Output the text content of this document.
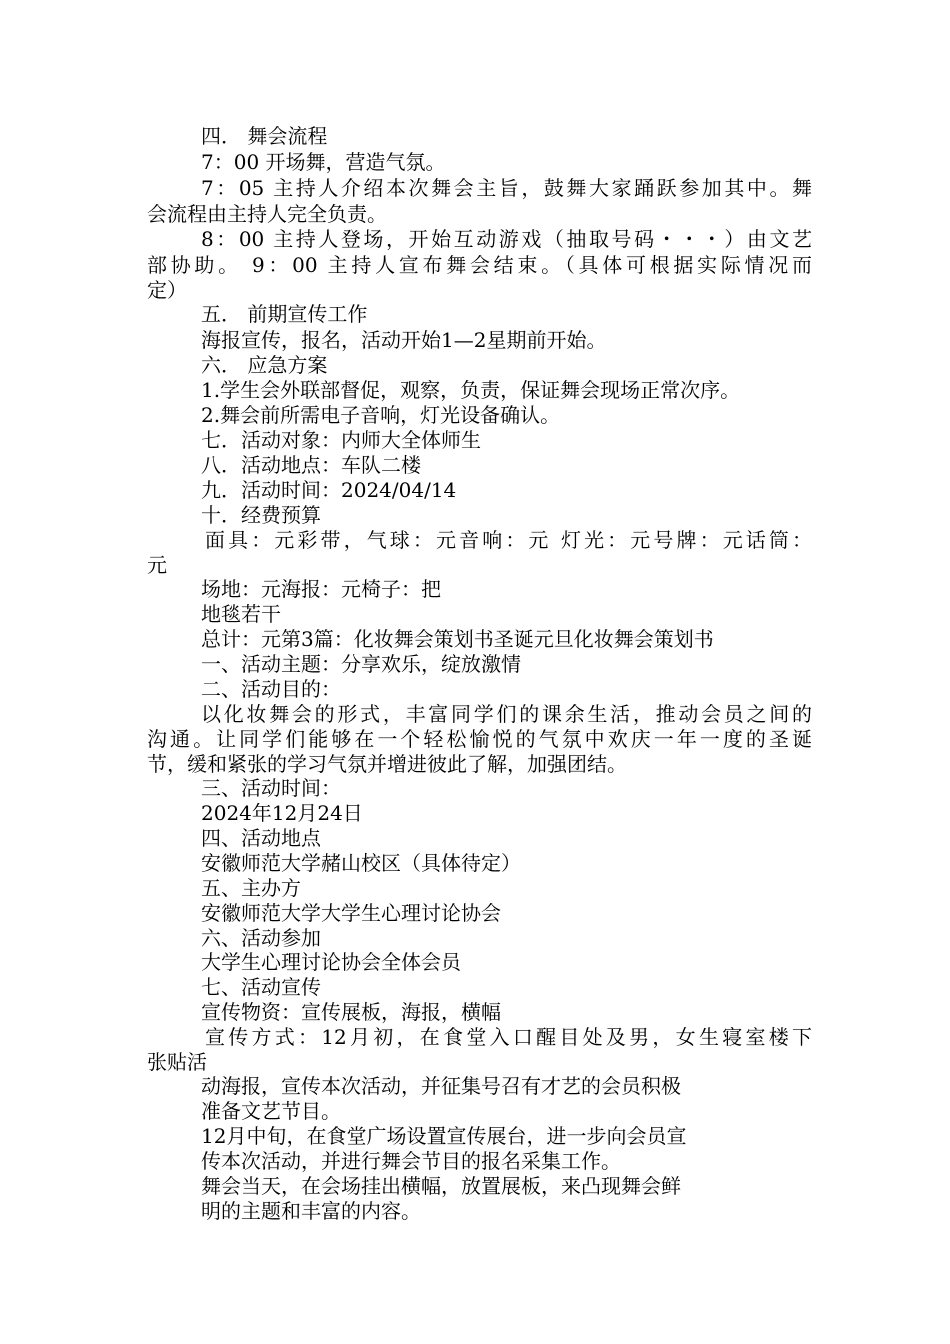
四． 舞会流程
7：00 开场舞，营造气氛。
7：05 主持人介绍本次舞会主旨，鼓舞大家踊跃参加其中。舞
会流程由主持人完全负责。
8：00 主持人登场，开始互动游戏（抽取号码・・・）由文艺
部协助。 9：00 主持人宣布舞会结束。（具体可根据实际情况而
定）
五． 前期宣传工作
海报宣传，报名，活动开始1—2星期前开始。
六． 应急方案
1.学生会外联部督促，观察，负责，保证舞会现场正常次序。
2.舞会前所需电子音响，灯光设备确认。
七．活动对象：内师大全体师生
八．活动地点：车队二楼
九．活动时间：2024/04/14
十．经费预算
面具：元彩带，气球：元音响：元 灯光：元号牌：元话筒：
元
场地：元海报：元椅子：把
地毯若干
总计：元第3篇：化妆舞会策划书圣诞元旦化妆舞会策划书
一、活动主题：分享欢乐，绽放激情
二、活动目的：
以化妆舞会的形式，丰富同学们的课余生活，推动会员之间的
沟通。让同学们能够在一个轻松愉悦的气氛中欢庆一年一度的圣诞
节，缓和紧张的学习气氛并增进彼此了解，加强团结。
三、活动时间：
2024年12月24日
四、活动地点
安徽师范大学赭山校区（具体待定）
五、主办方
安徽师范大学大学生心理讨论协会
六、活动参加
大学生心理讨论协会全体会员
七、活动宣传
宣传物资：宣传展板，海报，横幅
宣传方式：12月初，在食堂入口醒目处及男，女生寝室楼下
张贴活
动海报，宣传本次活动，并征集号召有才艺的会员积极
准备文艺节目。
12月中旬，在食堂广场设置宣传展台，进一步向会员宣
传本次活动，并进行舞会节目的报名采集工作。
舞会当天，在会场挂出横幅，放置展板，来凸现舞会鲜
明的主题和丰富的内容。
